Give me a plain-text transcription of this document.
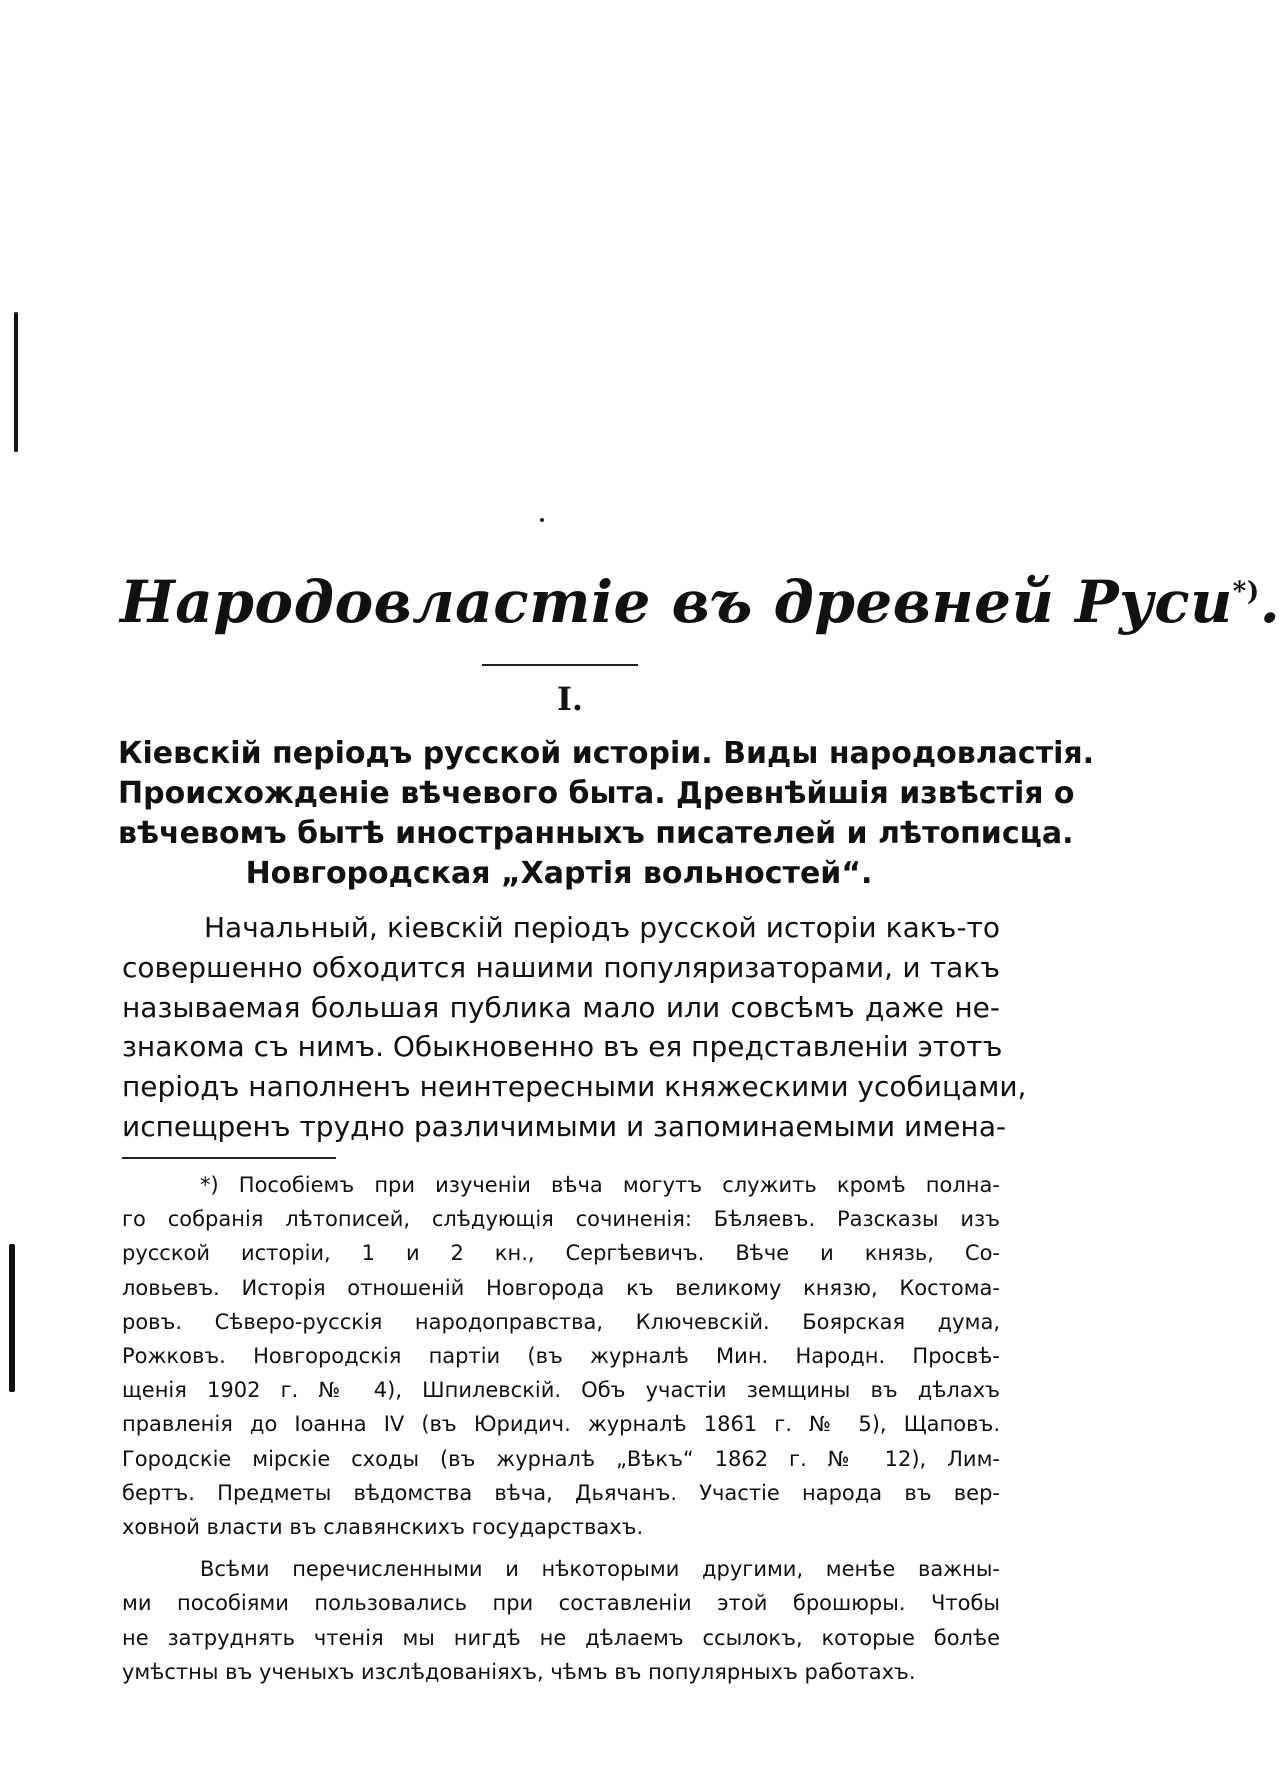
Народовластіе въ древней Руси*).
I.
Кіевскій періодъ русской исторіи. Виды народовластія.
Происхожденіе вѣчевого быта. Древнѣйшія извѣстія о
вѣчевомъ бытѣ иностранныхъ писателей и лѣтописца.
Новгородская „Хартія вольностей“.
Начальный, кіевскій періодъ русской исторіи какъ-то
совершенно обходится нашими популяризаторами, и такъ
называемая большая публика мало или совсѣмъ даже не-
знакома съ нимъ. Обыкновенно въ ея представленіи этотъ
періодъ наполненъ неинтересными княжескими усобицами,
испещренъ трудно различимыми и запоминаемыми имена-
*) Пособіемъ при изученіи вѣча могутъ служить кромѣ полна-
го собранія лѣтописей, слѣдующія сочиненія: Бѣляевъ. Разсказы изъ
русской исторіи, 1 и 2 кн., Сергѣевичъ. Вѣче и князь, Со-
ловьевъ. Исторія отношеній Новгорода къ великому князю, Костома-
ровъ. Сѣверо-русскія народоправства, Ключевскій. Боярская дума,
Рожковъ. Новгородскія партіи (въ журналѣ Мин. Народн. Просвѣ-
щенія 1902 г. № 4), Шпилевскій. Объ участіи земщины въ дѣлахъ
правленія до Іоанна IV (въ Юридич. журналѣ 1861 г. № 5), Щаповъ.
Городскіе мірскіе сходы (въ журналѣ „Вѣкъ“ 1862 г. № 12), Лим-
бертъ. Предметы вѣдомства вѣча, Дьячанъ. Участіе народа въ вер-
ховной власти въ славянскихъ государствахъ.
Всѣми перечисленными и нѣкоторыми другими, менѣе важны-
ми пособіями пользовались при составленіи этой брошюры. Чтобы
не затруднять чтенія мы нигдѣ не дѣлаемъ ссылокъ, которые болѣе
умѣстны въ ученыхъ изслѣдованіяхъ, чѣмъ въ популярныхъ работахъ.
